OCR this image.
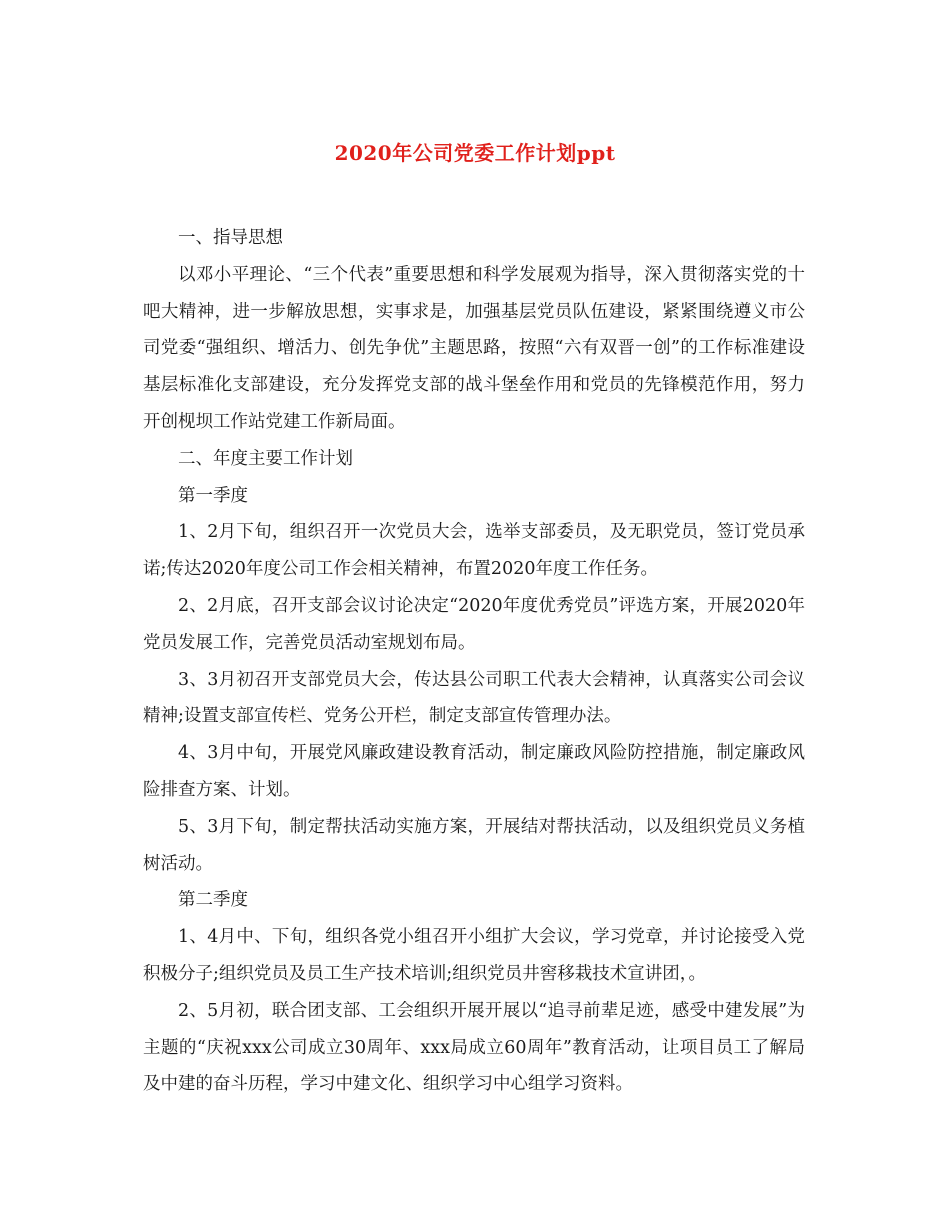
2020年公司党委工作计划ppt

一、指导思想

以邓小平理论、“三个代表”重要思想和科学发展观为指导，深入贯彻落实党的十吧大精神，进一步解放思想，实事求是，加强基层党员队伍建设，紧紧围绕遵义市公司党委“强组织、增活力、创先争优”主题思路，按照“六有双晋一创”的工作标准建设基层标准化支部建设，充分发挥党支部的战斗堡垒作用和党员的先锋模范作用，努力开创枧坝工作站党建工作新局面。

二、年度主要工作计划

第一季度

1、2月下旬，组织召开一次党员大会，选举支部委员，及无职党员，签订党员承诺;传达2020年度公司工作会相关精神，布置2020年度工作任务。

2、2月底，召开支部会议讨论决定“2020年度优秀党员”评选方案，开展2020年党员发展工作，完善党员活动室规划布局。

3、3月初召开支部党员大会，传达县公司职工代表大会精神，认真落实公司会议精神;设置支部宣传栏、党务公开栏，制定支部宣传管理办法。

4、3月中旬，开展党风廉政建设教育活动，制定廉政风险防控措施，制定廉政风险排查方案、计划。

5、3月下旬，制定帮扶活动实施方案，开展结对帮扶活动，以及组织党员义务植树活动。

第二季度

1、4月中、下旬，组织各党小组召开小组扩大会议，学习党章，并讨论接受入党积极分子;组织党员及员工生产技术培训;组织党员井窖移栽技术宣讲团，。

2、5月初，联合团支部、工会组织开展开展以“追寻前辈足迹，感受中建发展”为主题的“庆祝xxx公司成立30周年、xxx局成立60周年”教育活动，让项目员工了解局及中建的奋斗历程，学习中建文化、组织学习中心组学习资料。
